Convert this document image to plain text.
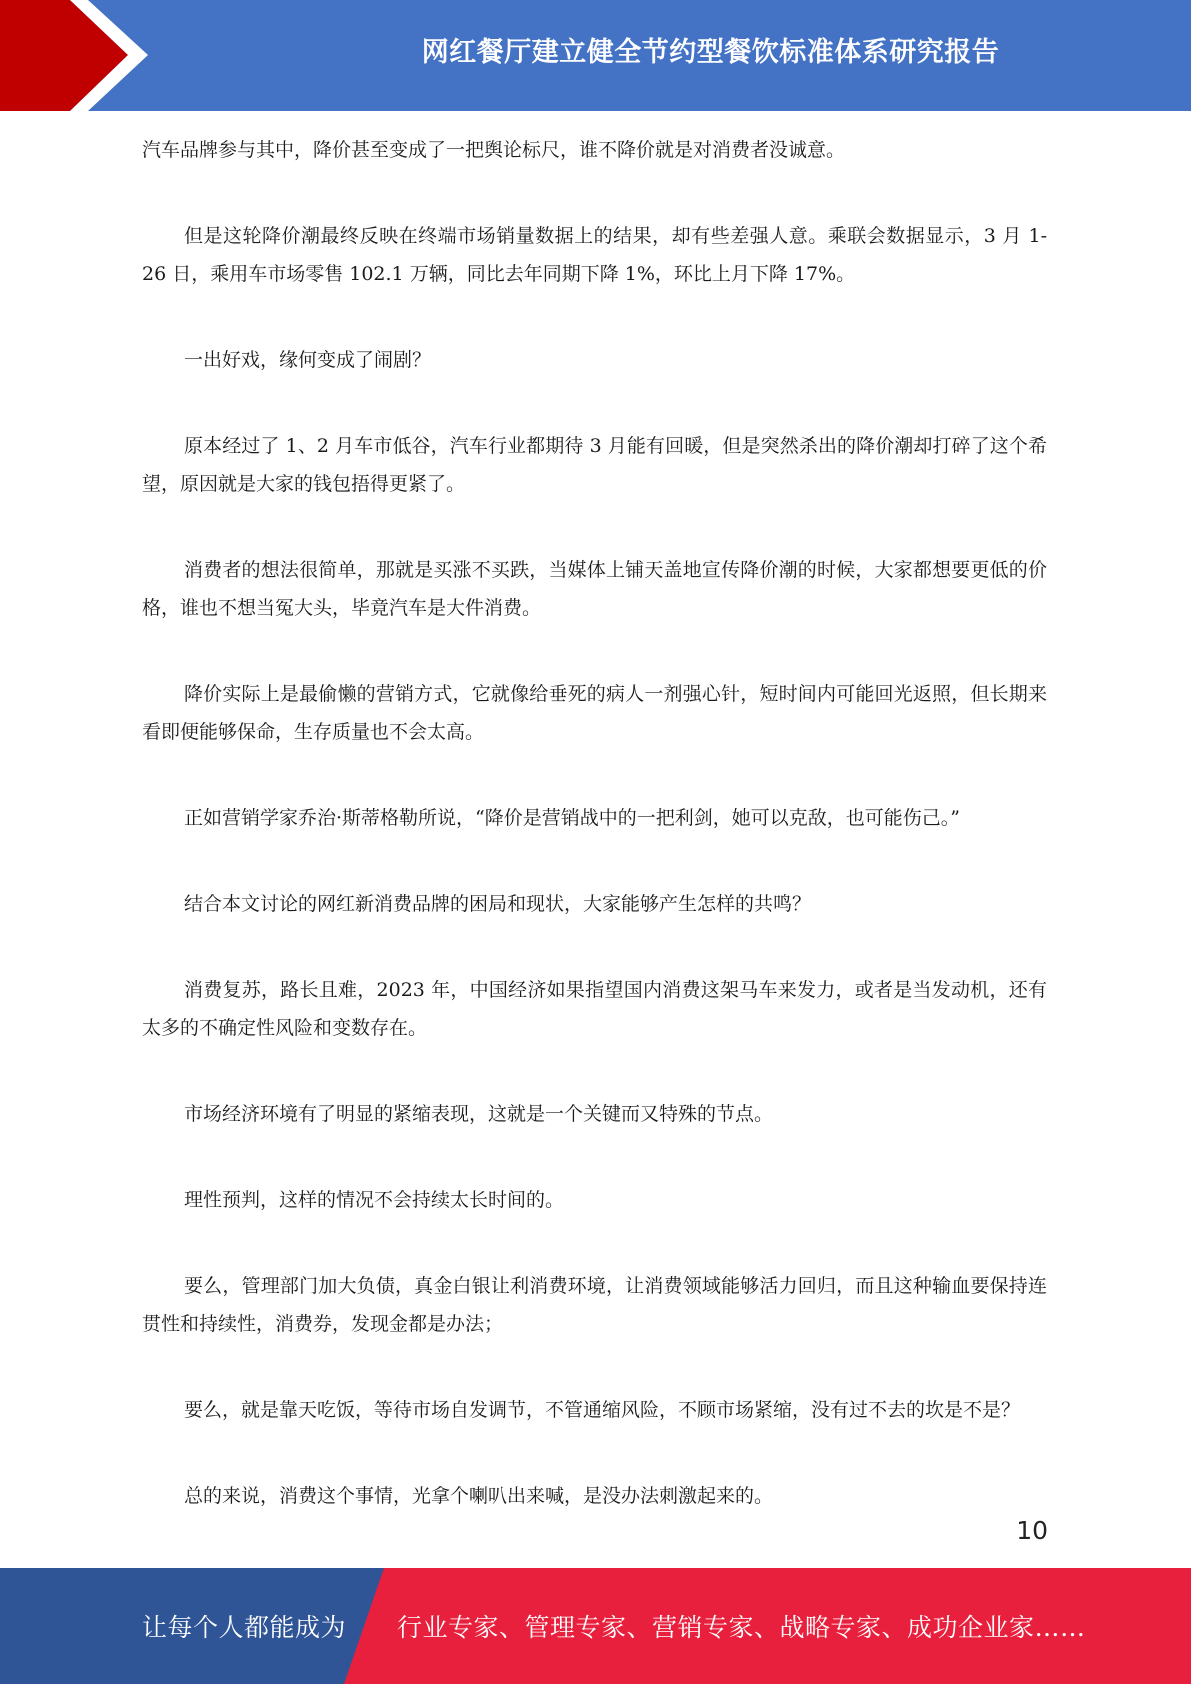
网红餐厅建立健全节约型餐饮标准体系研究报告

汽车品牌参与其中，降价甚至变成了一把舆论标尺，谁不降价就是对消费者没诚意。

但是这轮降价潮最终反映在终端市场销量数据上的结果，却有些差强人意。乘联会数据显示，3 月 1-26 日，乘用车市场零售 102.1 万辆，同比去年同期下降 1%，环比上月下降 17%。

一出好戏，缘何变成了闹剧？

原本经过了 1、2 月车市低谷，汽车行业都期待 3 月能有回暖，但是突然杀出的降价潮却打碎了这个希望，原因就是大家的钱包捂得更紧了。

消费者的想法很简单，那就是买涨不买跌，当媒体上铺天盖地宣传降价潮的时候，大家都想要更低的价格，谁也不想当冤大头，毕竟汽车是大件消费。

降价实际上是最偷懒的营销方式，它就像给垂死的病人一剂强心针，短时间内可能回光返照，但长期来看即便能够保命，生存质量也不会太高。

正如营销学家乔治·斯蒂格勒所说，“降价是营销战中的一把利剑，她可以克敌，也可能伤己。”

结合本文讨论的网红新消费品牌的困局和现状，大家能够产生怎样的共鸣？

消费复苏，路长且难，2023 年，中国经济如果指望国内消费这架马车来发力，或者是当发动机，还有太多的不确定性风险和变数存在。

市场经济环境有了明显的紧缩表现，这就是一个关键而又特殊的节点。

理性预判，这样的情况不会持续太长时间的。

要么，管理部门加大负债，真金白银让利消费环境，让消费领域能够活力回归，而且这种输血要保持连贯性和持续性，消费券，发现金都是办法；

要么，就是靠天吃饭，等待市场自发调节，不管通缩风险，不顾市场紧缩，没有过不去的坎是不是？

总的来说，消费这个事情，光拿个喇叭出来喊，是没办法刺激起来的。

10
让每个人都能成为 行业专家、管理专家、营销专家、战略专家、成功企业家……
